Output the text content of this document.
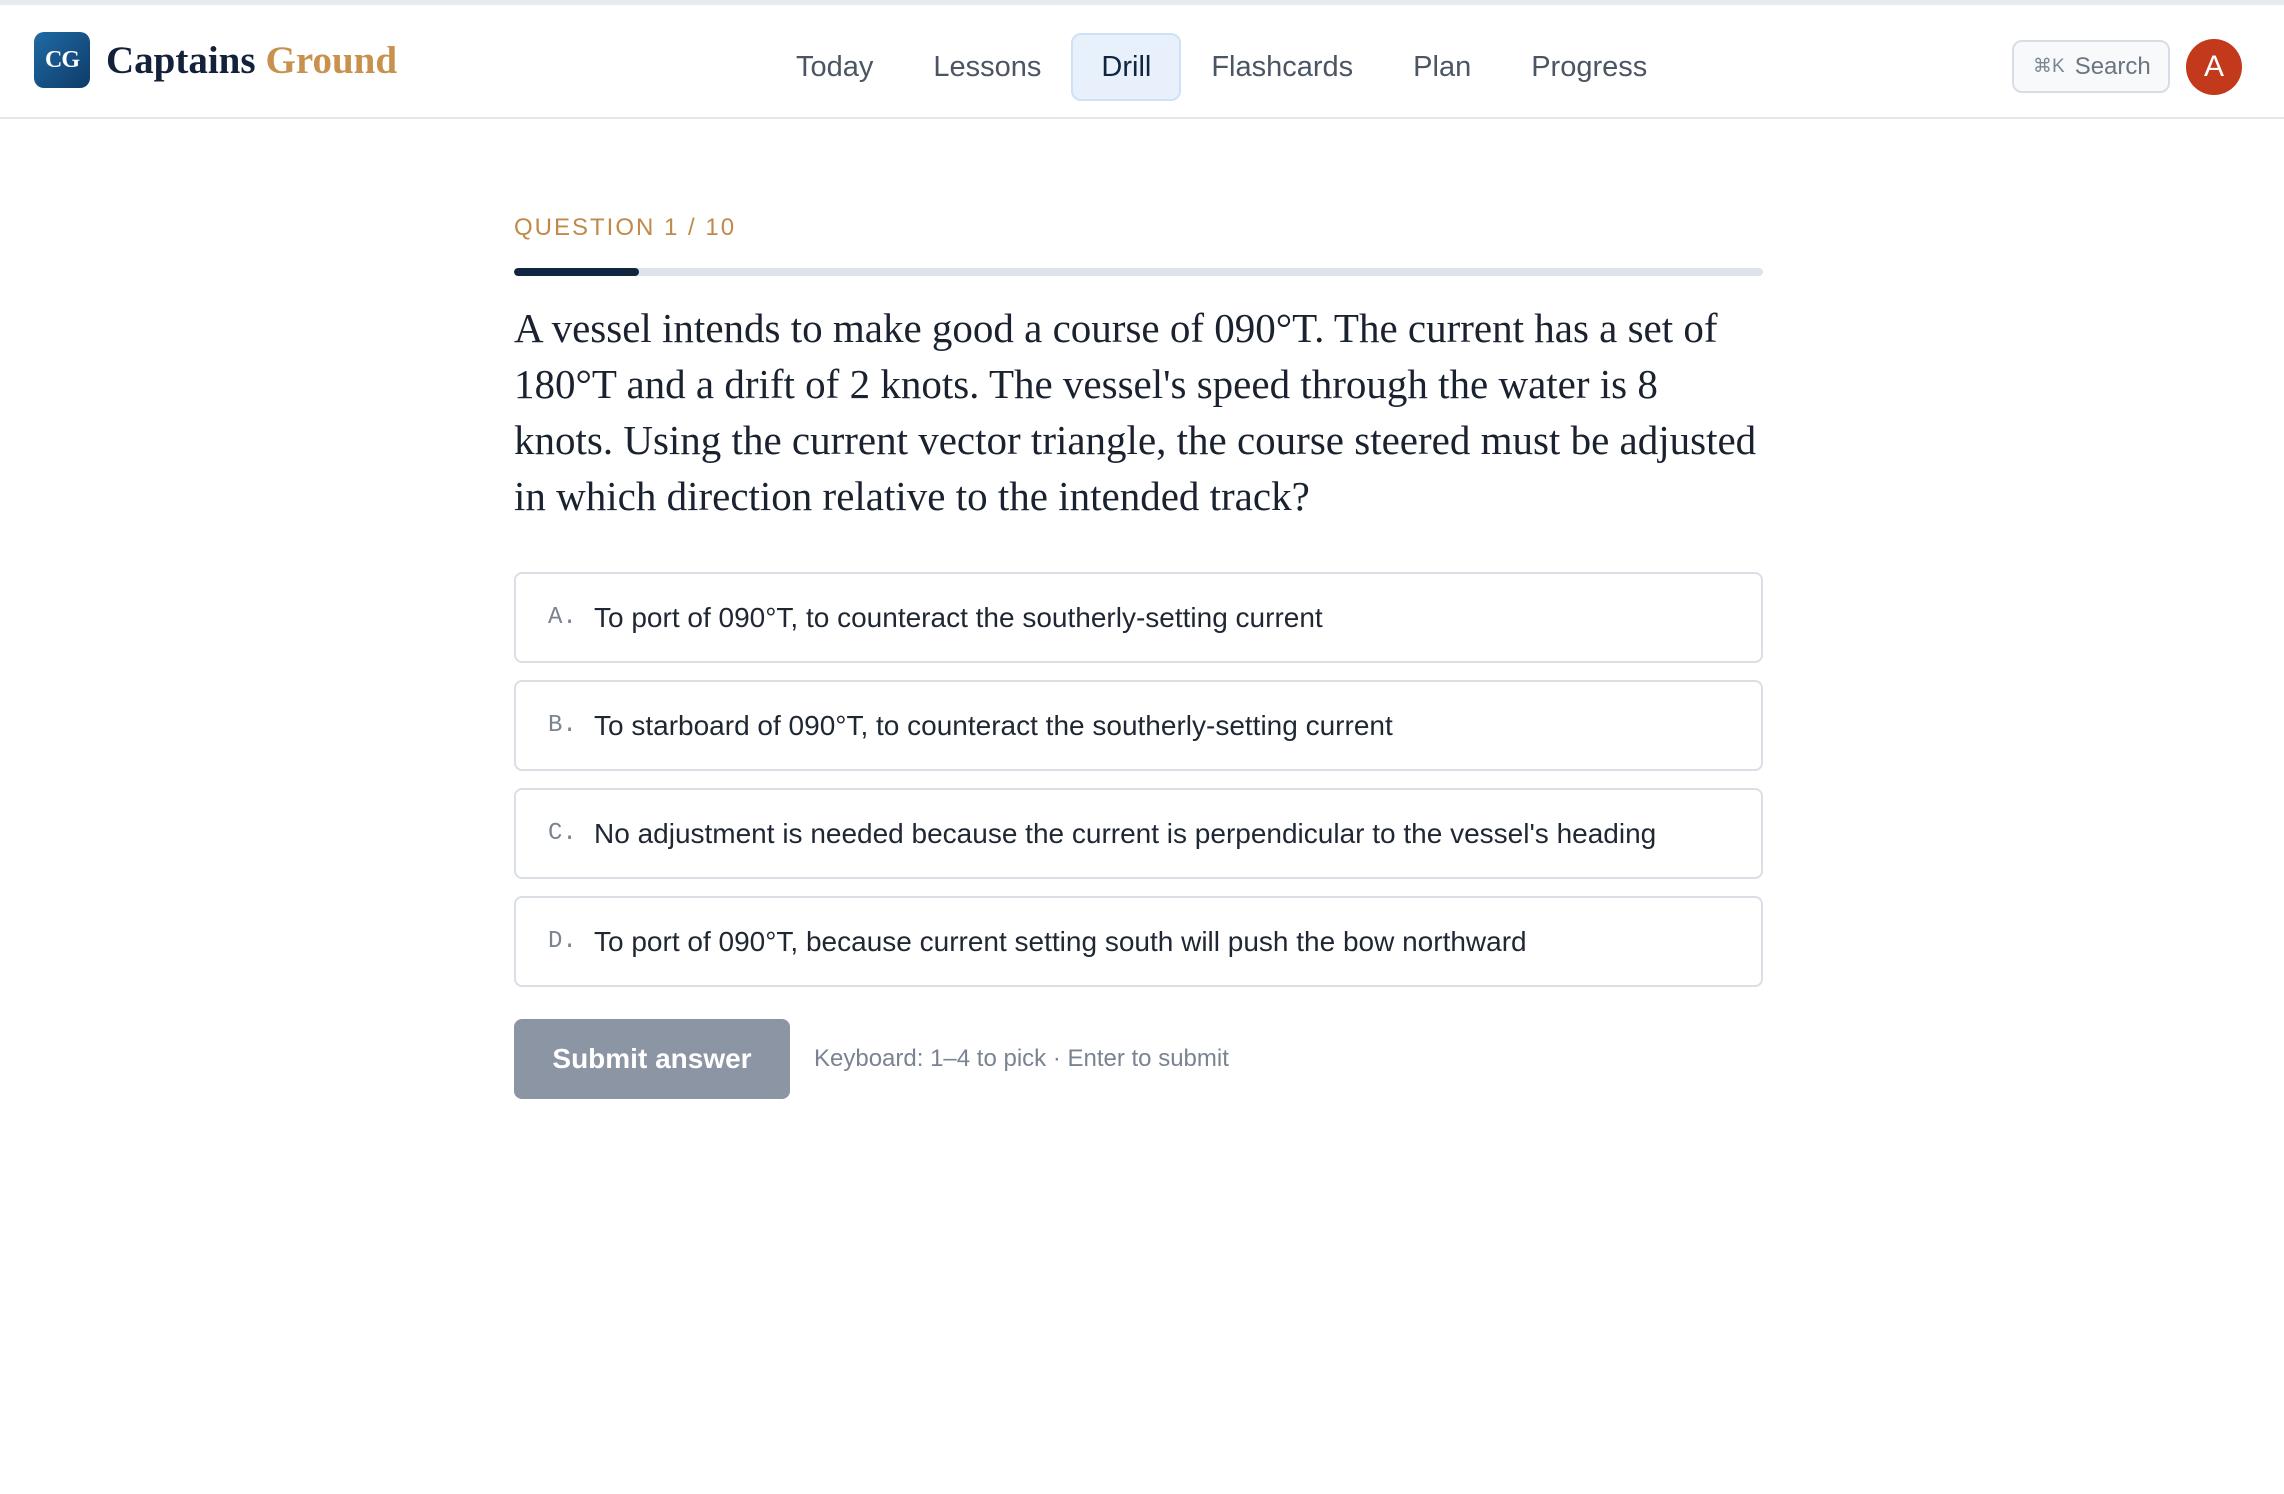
CG Captains Ground	Today	Lessons	Drill	Flashcards	Plan	Progress	⌘K Search	A
QUESTION 1 / 10
A vessel intends to make good a course of 090°T. The current has a set of 180°T and a drift of 2 knots. The vessel's speed through the water is 8 knots. Using the current vector triangle, the course steered must be adjusted in which direction relative to the intended track?
A. To port of 090°T, to counteract the southerly-setting current
B. To starboard of 090°T, to counteract the southerly-setting current
C. No adjustment is needed because the current is perpendicular to the vessel's heading
D. To port of 090°T, because current setting south will push the bow northward
Submit answer	Keyboard: 1–4 to pick · Enter to submit
